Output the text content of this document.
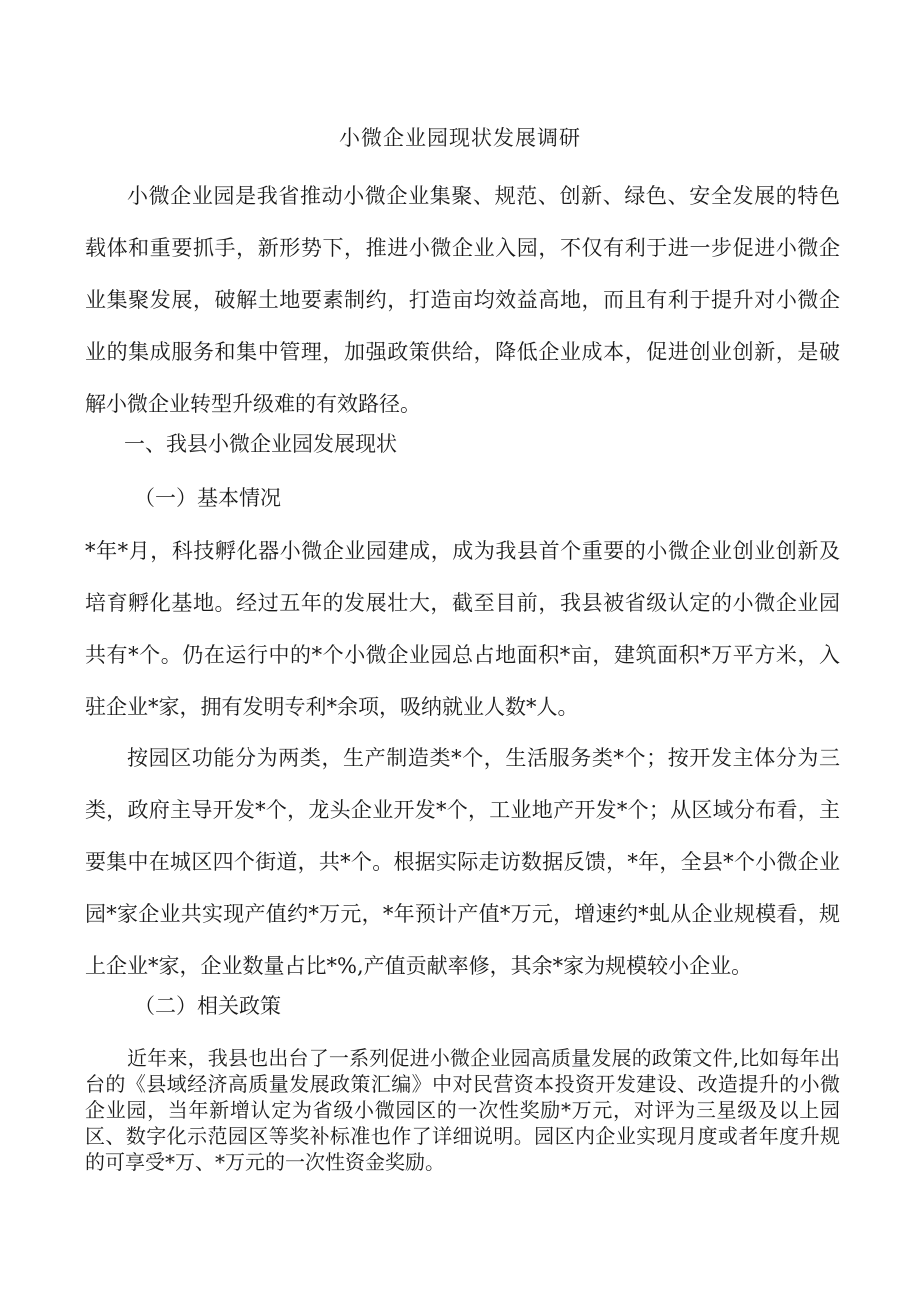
小微企业园现状发展调研
小微企业园是我省推动小微企业集聚、规范、创新、绿色、安全发展的特色载体和重要抓手，新形势下，推进小微企业入园，不仅有利于进一步促进小微企业集聚发展，破解土地要素制约，打造亩均效益高地，而且有利于提升对小微企业的集成服务和集中管理，加强政策供给，降低企业成本，促进创业创新，是破解小微企业转型升级难的有效路径。
一、我县小微企业园发展现状
（一）基本情况
*年*月，科技孵化器小微企业园建成，成为我县首个重要的小微企业创业创新及培育孵化基地。经过五年的发展壮大，截至目前，我县被省级认定的小微企业园共有*个。仍在运行中的*个小微企业园总占地面积*亩，建筑面积*万平方米，入驻企业*家，拥有发明专利*余项，吸纳就业人数*人。
按园区功能分为两类，生产制造类*个，生活服务类*个；按开发主体分为三类，政府主导开发*个，龙头企业开发*个，工业地产开发*个；从区域分布看，主要集中在城区四个街道，共*个。根据实际走访数据反馈，*年，全县*个小微企业园*家企业共实现产值约*万元，*年预计产值*万元，增速约*虬从企业规模看，规上企业*家，企业数量占比*%,产值贡献率修，其余*家为规模较小企业。
（二）相关政策
近年来，我县也出台了一系列促进小微企业园高质量发展的政策文件,比如每年出台的《县域经济高质量发展政策汇编》中对民营资本投资开发建设、改造提升的小微企业园，当年新增认定为省级小微园区的一次性奖励*万元，对评为三星级及以上园区、数字化示范园区等奖补标准也作了详细说明。园区内企业实现月度或者年度升规的可享受*万、*万元的一次性资金奖励。
